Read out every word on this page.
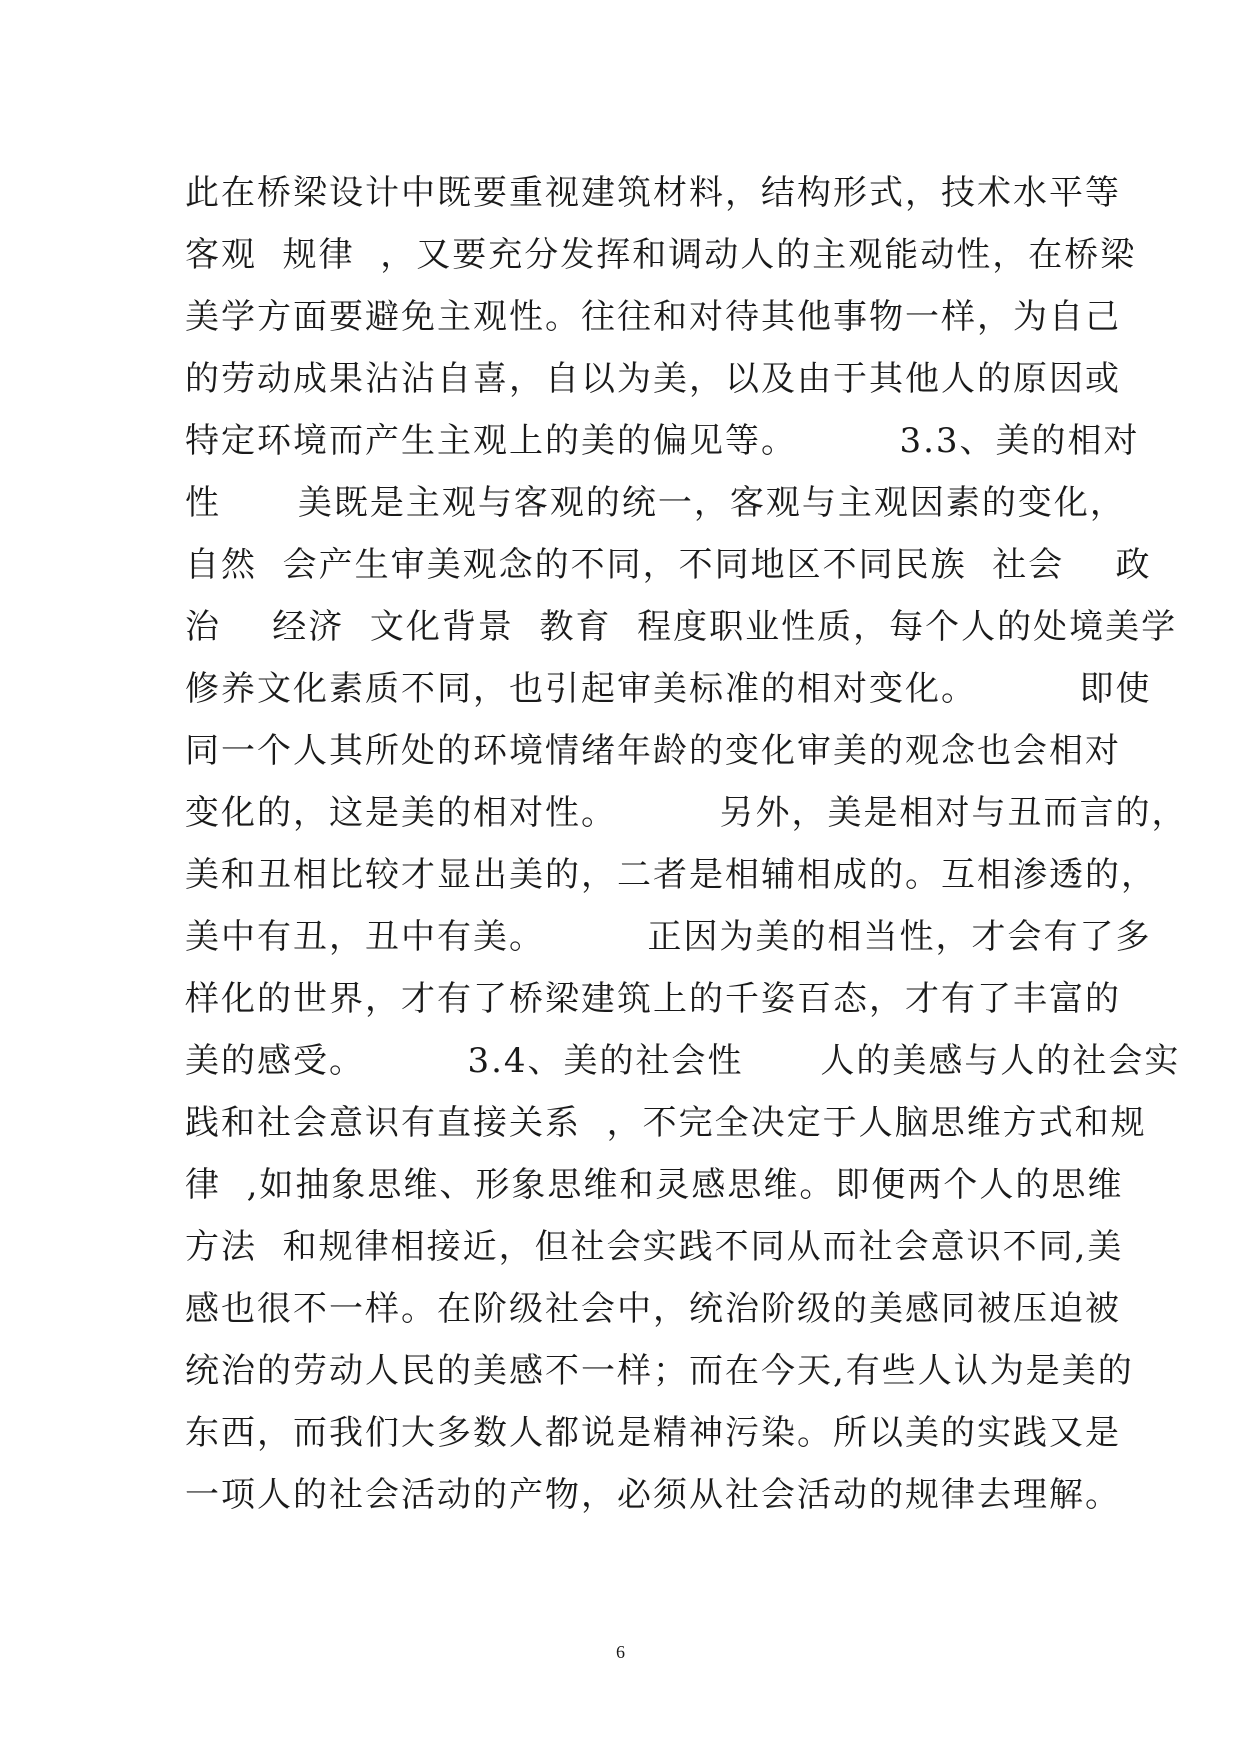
此在桥梁设计中既要重视建筑材料，结构形式，技术水平等
客观  规律  ，又要充分发挥和调动人的主观能动性，在桥梁
美学方面要避免主观性。往往和对待其他事物一样，为自己
的劳动成果沾沾自喜，自以为美，以及由于其他人的原因或
特定环境而产生主观上的美的偏见等。        3.3、美的相对
性      美既是主观与客观的统一，客观与主观因素的变化，
自然  会产生审美观念的不同，不同地区不同民族  社会    政
治    经济  文化背景  教育  程度职业性质，每个人的处境美学
修养文化素质不同，也引起审美标准的相对变化。        即使
同一个人其所处的环境情绪年龄的变化审美的观念也会相对
变化的，这是美的相对性。        另外，美是相对与丑而言的，
美和丑相比较才显出美的，二者是相辅相成的。互相渗透的，
美中有丑，丑中有美。        正因为美的相当性，才会有了多
样化的世界，才有了桥梁建筑上的千姿百态，才有了丰富的
美的感受。        3.4、美的社会性      人的美感与人的社会实
践和社会意识有直接关系  ，不完全决定于人脑思维方式和规
律  ,如抽象思维、形象思维和灵感思维。即便两个人的思维
方法  和规律相接近，但社会实践不同从而社会意识不同,美
感也很不一样。在阶级社会中，统治阶级的美感同被压迫被
统治的劳动人民的美感不一样；而在今天,有些人认为是美的
东西，而我们大多数人都说是精神污染。所以美的实践又是
一项人的社会活动的产物，必须从社会活动的规律去理解。
6
